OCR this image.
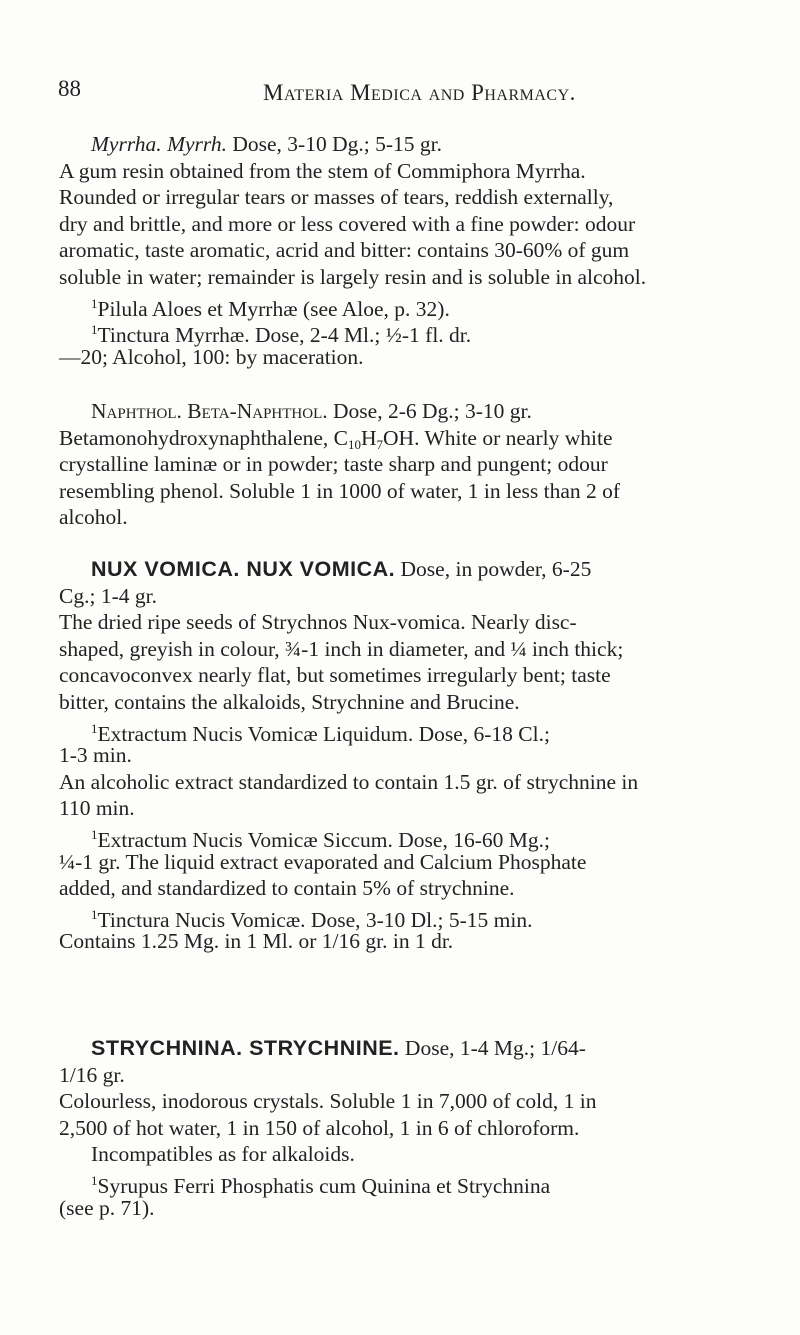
88	Materia Medica and Pharmacy.
Myrrha. Myrrh. Dose, 3-10 Dg.; 5-15 gr.
A gum resin obtained from the stem of Commiphora Myrrha.
Rounded or irregular tears or masses of tears, reddish externally,
dry and brittle, and more or less covered with a fine powder: odour
aromatic, taste aromatic, acrid and bitter: contains 30-60% of gum
soluble in water; remainder is largely resin and is soluble in alcohol.
$^1$Pilula Aloes et Myrrhæ (see Aloe, p. 32).
$^1$Tinctura Myrrhæ. Dose, 2-4 Ml.; ½-1 fl. dr.
—20; Alcohol, 100: by maceration.
Naphthol. Beta-Naphthol. Dose, 2-6 Dg.; 3-10 gr.
Betamonohydroxynaphthalene, $C_{10}H_7OH$. White or nearly white
crystalline laminæ or in powder; taste sharp and pungent; odour
resembling phenol. Soluble 1 in 1000 of water, 1 in less than 2 of
alcohol.
NUX VOMICA. NUX VOMICA. Dose, in powder, 6-25
Cg.; 1-4 gr.
The dried ripe seeds of Strychnos Nux-vomica. Nearly disc-
shaped, greyish in colour, ¾-1 inch in diameter, and ¼ inch thick;
concavoconvex nearly flat, but sometimes irregularly bent; taste
bitter, contains the alkaloids, Strychnine and Brucine.
$^1$Extractum Nucis Vomicæ Liquidum. Dose, 6-18 Cl.;
1-3 min.
An alcoholic extract standardized to contain 1.5 gr. of strychnine in
110 min.
$^1$Extractum Nucis Vomicæ Siccum. Dose, 16-60 Mg.;
¼-1 gr. The liquid extract evaporated and Calcium Phosphate
added, and standardized to contain 5% of strychnine.
$^1$Tinctura Nucis Vomicæ. Dose, 3-10 Dl.; 5-15 min.
Contains 1.25 Mg. in 1 Ml. or 1/16 gr. in 1 dr.
STRYCHNINA. STRYCHNINE. Dose, 1-4 Mg.; 1/64-
1/16 gr.
Colourless, inodorous crystals. Soluble 1 in 7,000 of cold, 1 in
2,500 of hot water, 1 in 150 of alcohol, 1 in 6 of chloroform.
Incompatibles as for alkaloids.
$^1$Syrupus Ferri Phosphatis cum Quinina et Strychnina
(see p. 71).
